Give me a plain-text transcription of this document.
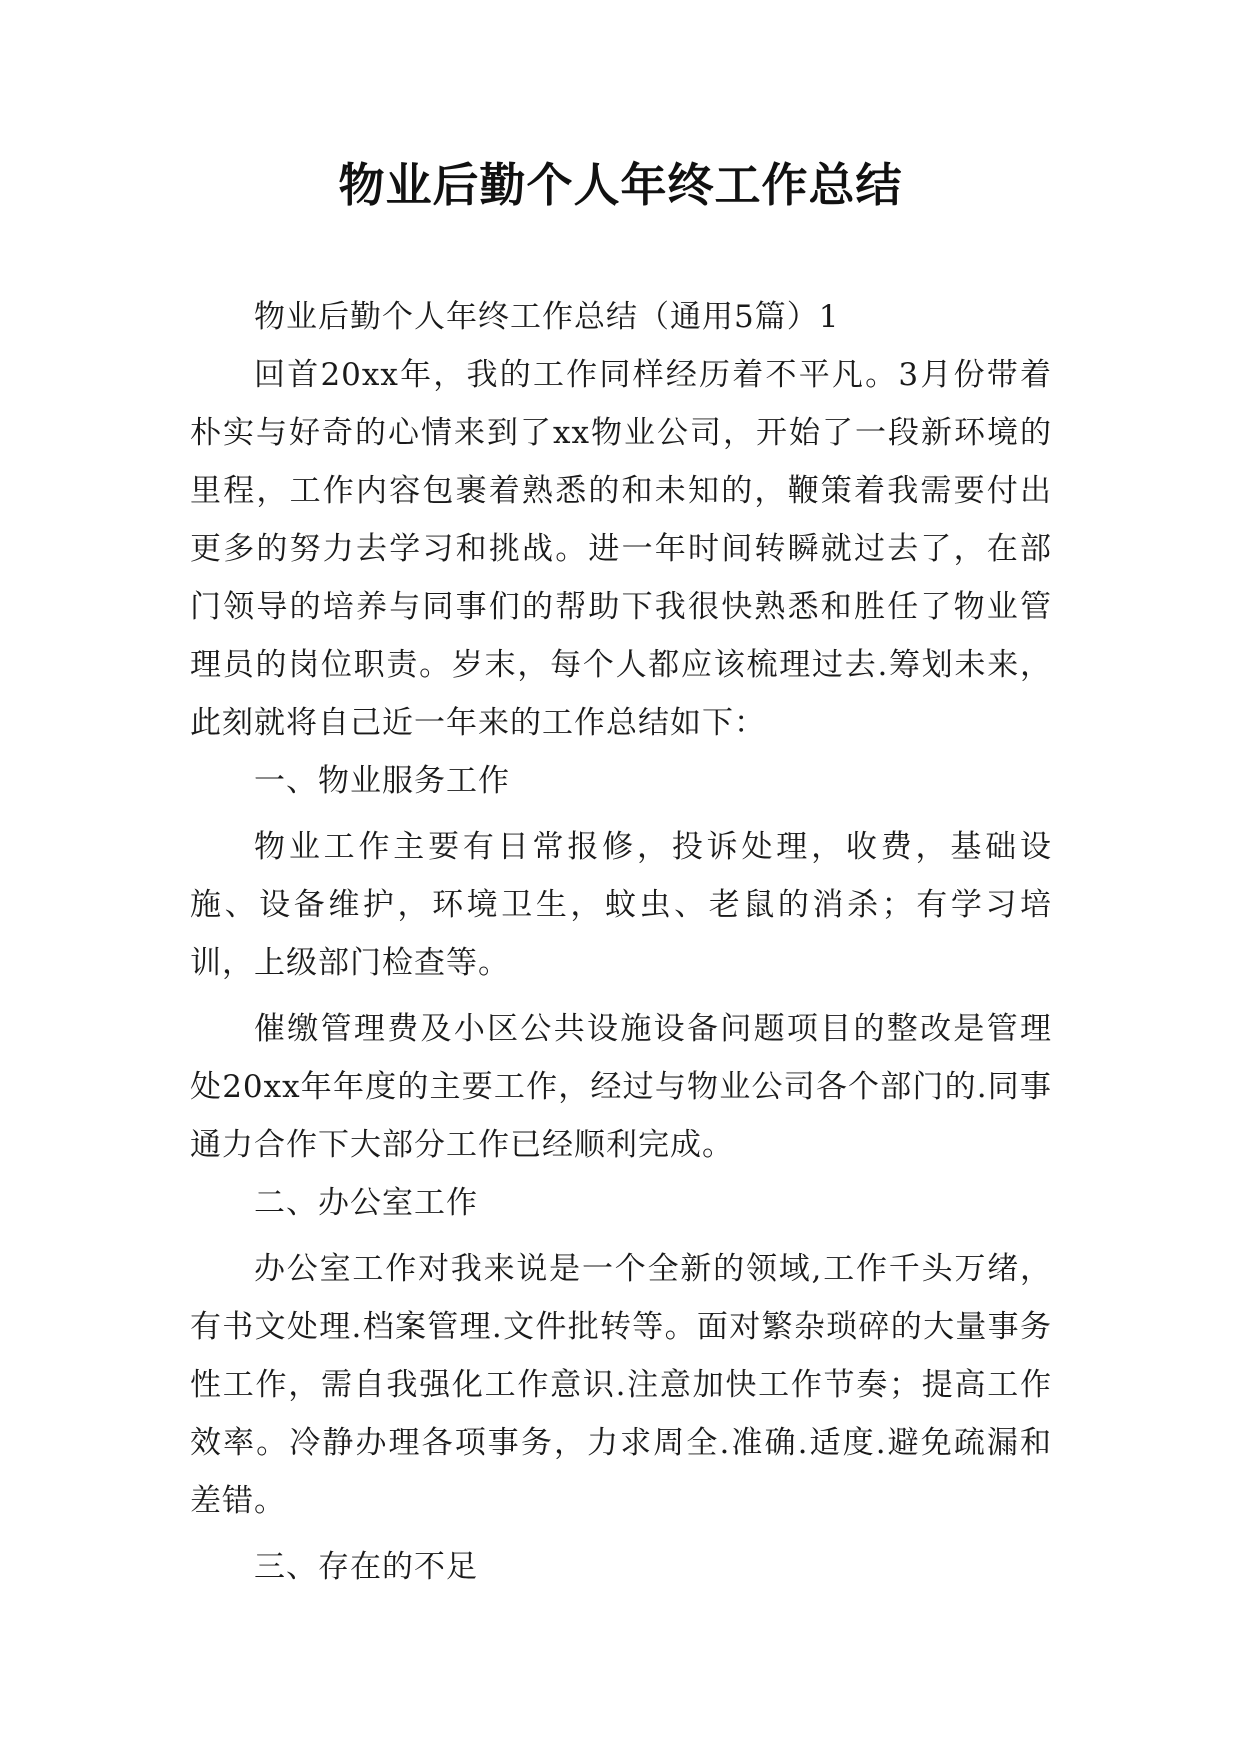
物业后勤个人年终工作总结

物业后勤个人年终工作总结（通用5篇）1

回首20xx年，我的工作同样经历着不平凡。3月份带着朴实与好奇的心情来到了xx物业公司，开始了一段新环境的里程，工作内容包裹着熟悉的和未知的，鞭策着我需要付出更多的努力去学习和挑战。进一年时间转瞬就过去了，在部门领导的培养与同事们的帮助下我很快熟悉和胜任了物业管理员的岗位职责。岁末，每个人都应该梳理过去.筹划未来，此刻就将自己近一年来的工作总结如下：

一、物业服务工作

物业工作主要有日常报修，投诉处理，收费，基础设施、设备维护，环境卫生，蚊虫、老鼠的消杀；有学习培训，上级部门检查等。

催缴管理费及小区公共设施设备问题项目的整改是管理处20xx年年度的主要工作，经过与物业公司各个部门的.同事通力合作下大部分工作已经顺利完成。

二、办公室工作

办公室工作对我来说是一个全新的领域,工作千头万绪，有书文处理.档案管理.文件批转等。面对繁杂琐碎的大量事务性工作，需自我强化工作意识.注意加快工作节奏；提高工作效率。冷静办理各项事务，力求周全.准确.适度.避免疏漏和差错。

三、存在的不足
